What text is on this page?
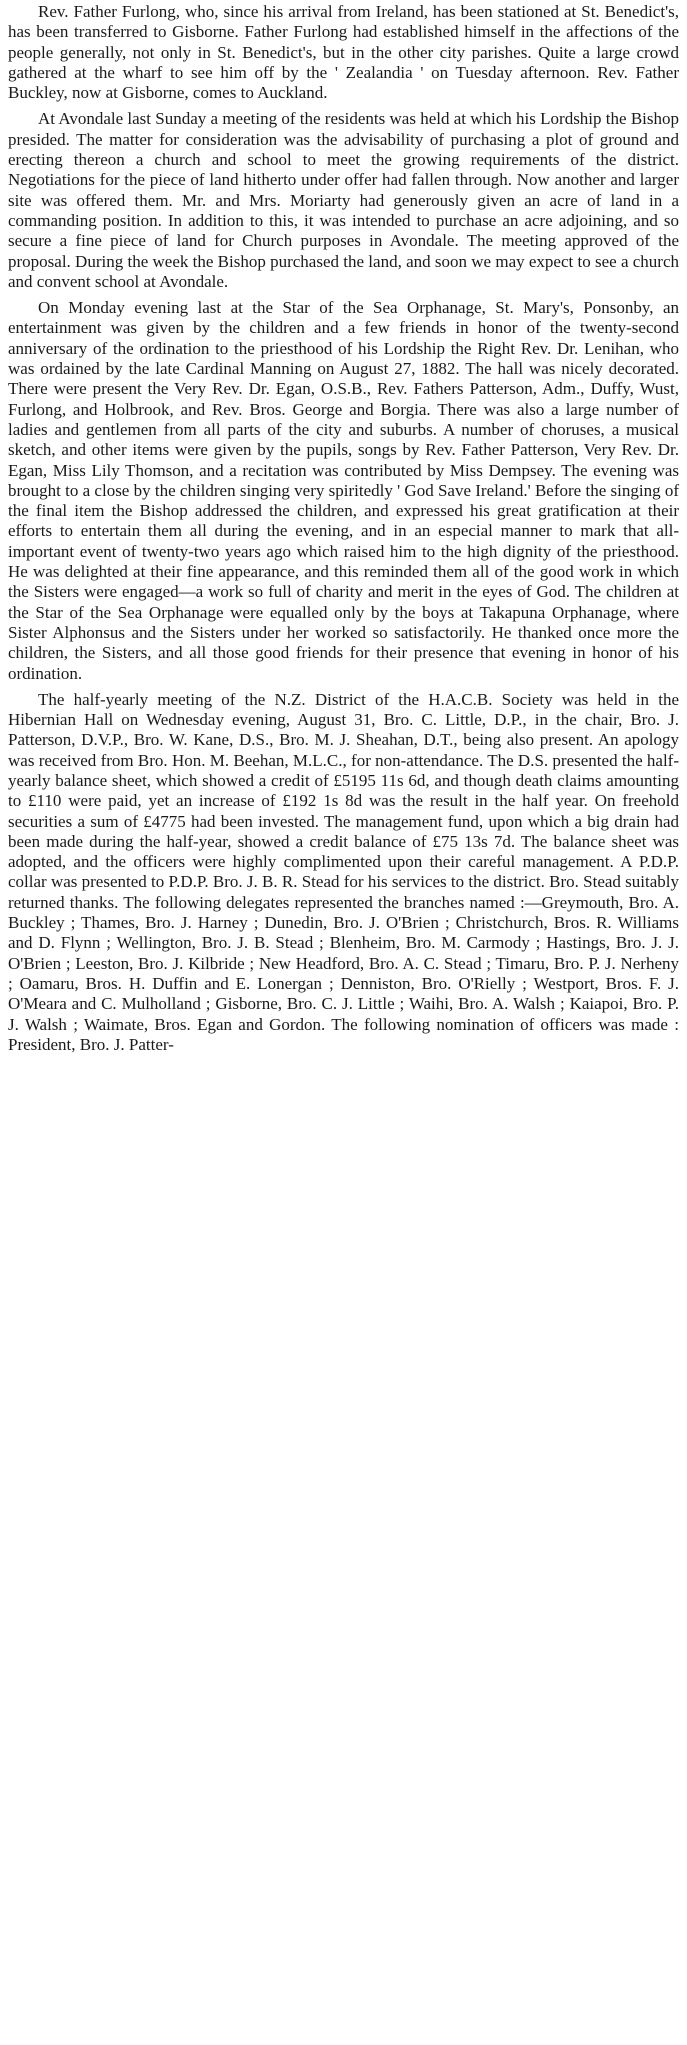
Rev. Father Furlong, who, since his arrival from Ireland, has been stationed at St. Benedict's, has been transferred to Gisborne. Father Furlong had established himself in the affections of the people generally, not only in St. Benedict's, but in the other city parishes. Quite a large crowd gathered at the wharf to see him off by the ' Zealandia ' on Tuesday afternoon. Rev. Father Buckley, now at Gisborne, comes to Auckland.

At Avondale last Sunday a meeting of the residents was held at which his Lordship the Bishop presided. The matter for consideration was the advisability of purchasing a plot of ground and erecting thereon a church and school to meet the growing requirements of the district. Negotiations for the piece of land hitherto under offer had fallen through. Now another and larger site was offered them. Mr. and Mrs. Moriarty had generously given an acre of land in a commanding position. In addition to this, it was intended to purchase an acre adjoining, and so secure a fine piece of land for Church purposes in Avondale. The meeting approved of the proposal. During the week the Bishop purchased the land, and soon we may expect to see a church and convent school at Avondale.

On Monday evening last at the Star of the Sea Orphanage, St. Mary's, Ponsonby, an entertainment was given by the children and a few friends in honor of the twenty-second anniversary of the ordination to the priesthood of his Lordship the Right Rev. Dr. Lenihan, who was ordained by the late Cardinal Manning on August 27, 1882. The hall was nicely decorated. There were present the Very Rev. Dr. Egan, O.S.B., Rev. Fathers Patterson, Adm., Duffy, Wust, Furlong, and Holbrook, and Rev. Bros. George and Borgia. There was also a large number of ladies and gentlemen from all parts of the city and suburbs. A number of choruses, a musical sketch, and other items were given by the pupils, songs by Rev. Father Patterson, Very Rev. Dr. Egan, Miss Lily Thomson, and a recitation was contributed by Miss Dempsey. The evening was brought to a close by the children singing very spiritedly ' God Save Ireland.' Before the singing of the final item the Bishop addressed the children, and expressed his great gratification at their efforts to entertain them all during the evening, and in an especial manner to mark that all-important event of twenty-two years ago which raised him to the high dignity of the priesthood. He was delighted at their fine appearance, and this reminded them all of the good work in which the Sisters were engaged—a work so full of charity and merit in the eyes of God. The children at the Star of the Sea Orphanage were equalled only by the boys at Takapuna Orphanage, where Sister Alphonsus and the Sisters under her worked so satisfactorily. He thanked once more the children, the Sisters, and all those good friends for their presence that evening in honor of his ordination.

The half-yearly meeting of the N.Z. District of the H.A.C.B. Society was held in the Hibernian Hall on Wednesday evening, August 31, Bro. C. Little, D.P., in the chair, Bro. J. Patterson, D.V.P., Bro. W. Kane, D.S., Bro. M. J. Sheahan, D.T., being also present. An apology was received from Bro. Hon. M. Beehan, M.L.C., for non-attendance. The D.S. presented the half-yearly balance sheet, which showed a credit of £5195 11s 6d, and though death claims amounting to £110 were paid, yet an increase of £192 1s 8d was the result in the half year. On freehold securities a sum of £4775 had been invested. The management fund, upon which a big drain had been made during the half-year, showed a credit balance of £75 13s 7d. The balance sheet was adopted, and the officers were highly complimented upon their careful management. A P.D.P. collar was presented to P.D.P. Bro. J. B. R. Stead for his services to the district. Bro. Stead suitably returned thanks. The following delegates represented the branches named :—Greymouth, Bro. A. Buckley ; Thames, Bro. J. Harney ; Dunedin, Bro. J. O'Brien ; Christchurch, Bros. R. Williams and D. Flynn ; Wellington, Bro. J. B. Stead ; Blenheim, Bro. M. Carmody ; Hastings, Bro. J. J. O'Brien ; Leeston, Bro. J. Kilbride ; New Headford, Bro. A. C. Stead ; Timaru, Bro. P. J. Nerheny ; Oamaru, Bros. H. Duffin and E. Lonergan ; Denniston, Bro. O'Rielly ; Westport, Bros. F. J. O'Meara and C. Mulholland ; Gisborne, Bro. C. J. Little ; Waihi, Bro. A. Walsh ; Kaiapoi, Bro. P. J. Walsh ; Waimate, Bros. Egan and Gordon. The following nomination of officers was made : President, Bro. J. Patter-
